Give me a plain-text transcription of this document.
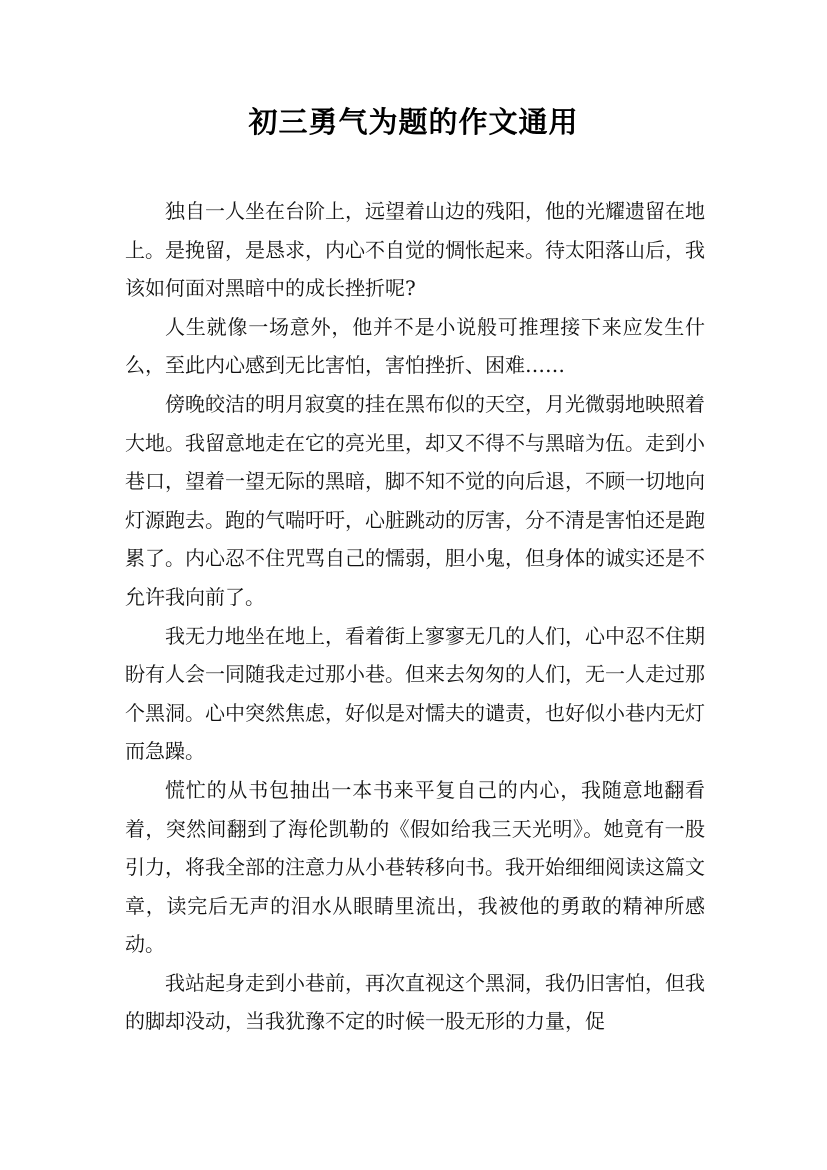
初三勇气为题的作文通用

独自一人坐在台阶上，远望着山边的残阳，他的光耀遗留在地上。是挽留，是恳求，内心不自觉的惆怅起来。待太阳落山后，我该如何面对黑暗中的成长挫折呢?

人生就像一场意外，他并不是小说般可推理接下来应发生什么，至此内心感到无比害怕，害怕挫折、困难……

傍晚皎洁的明月寂寞的挂在黑布似的天空，月光微弱地映照着大地。我留意地走在它的亮光里，却又不得不与黑暗为伍。走到小巷口，望着一望无际的黑暗，脚不知不觉的向后退，不顾一切地向灯源跑去。跑的气喘吁吁，心脏跳动的厉害，分不清是害怕还是跑累了。内心忍不住咒骂自己的懦弱，胆小鬼，但身体的诚实还是不允许我向前了。

我无力地坐在地上，看着街上寥寥无几的人们，心中忍不住期盼有人会一同随我走过那小巷。但来去匆匆的人们，无一人走过那个黑洞。心中突然焦虑，好似是对懦夫的谴责，也好似小巷内无灯而急躁。

慌忙的从书包抽出一本书来平复自己的内心，我随意地翻看着，突然间翻到了海伦凯勒的《假如给我三天光明》。她竟有一股引力，将我全部的注意力从小巷转移向书。我开始细细阅读这篇文章，读完后无声的泪水从眼睛里流出，我被他的勇敢的精神所感动。

我站起身走到小巷前，再次直视这个黑洞，我仍旧害怕，但我的脚却没动，当我犹豫不定的时候一股无形的力量，促
